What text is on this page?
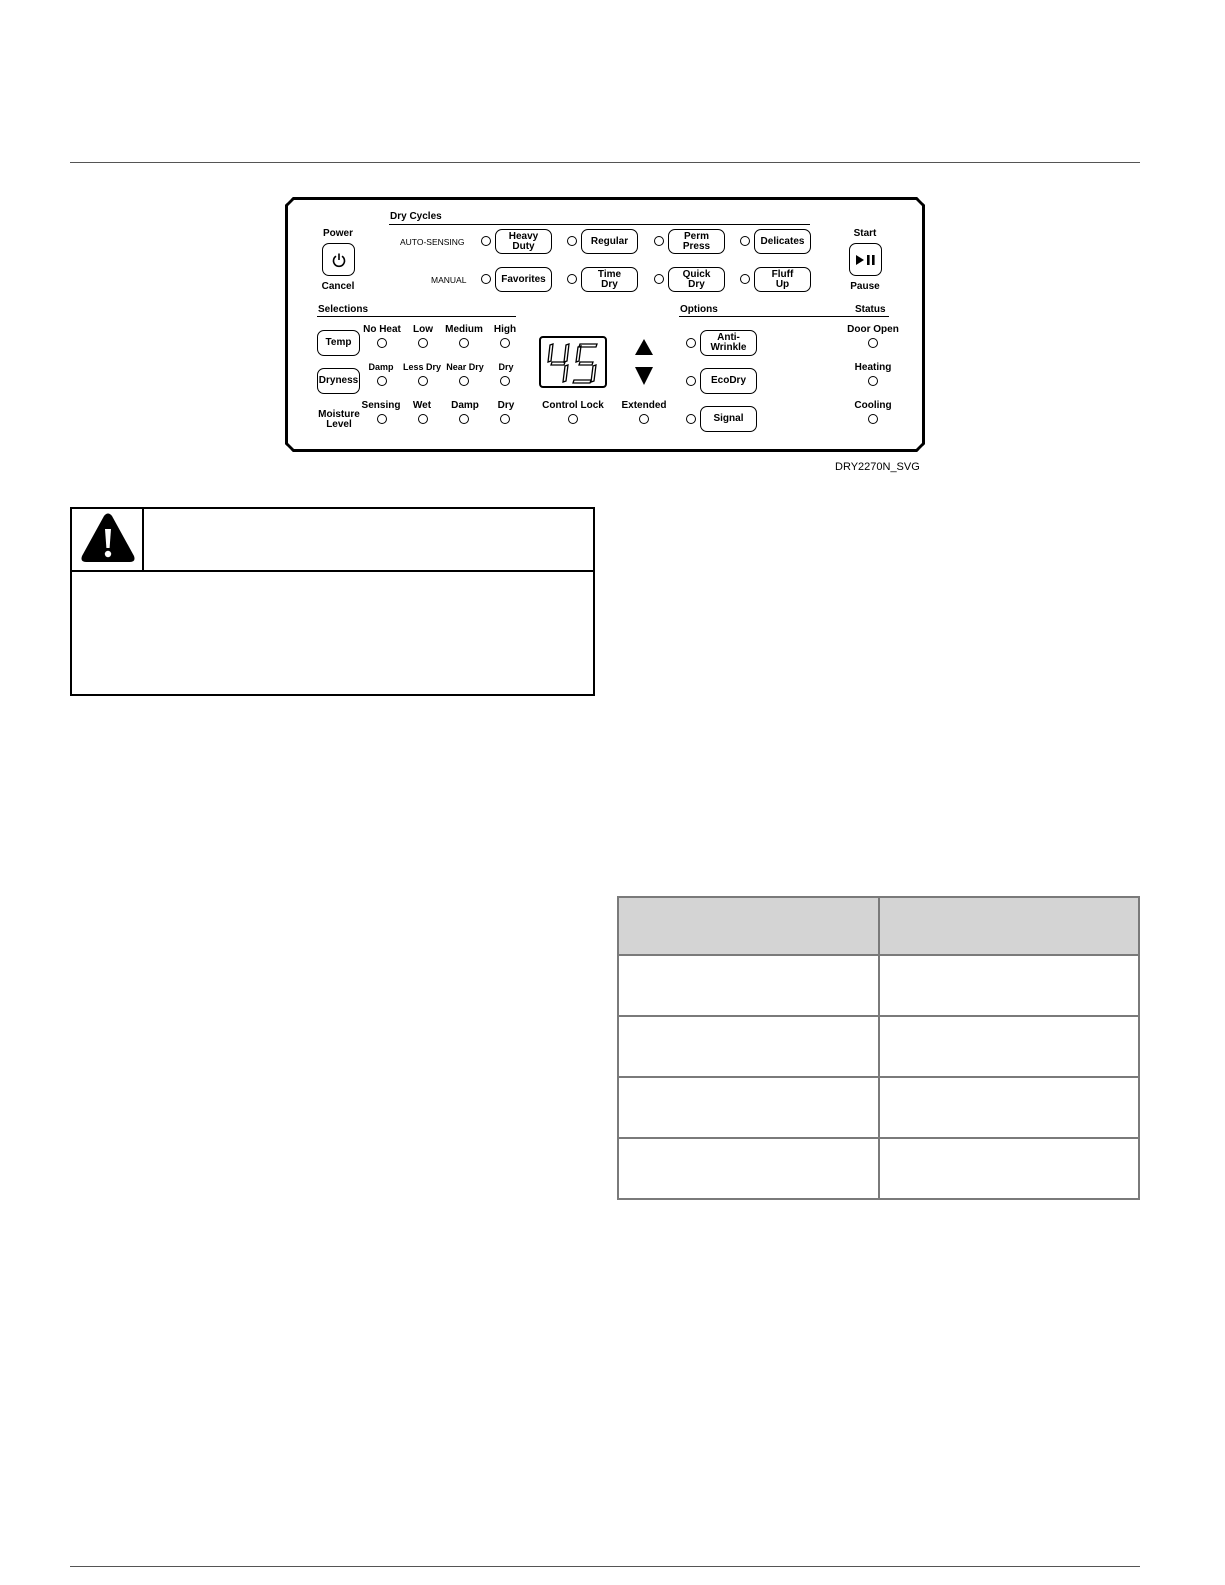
Dry Cycles
Power
Cancel
Start
Pause
AUTO-SENSING
Heavy
Duty	Regular	Perm
Press	Delicates
MANUAL	Favorites	Time
Dry
Quick
Dry
Fluff
Up
Selections
Temp
Dryness
Moisture
Level
No Heat	Low	Medium	High
Damp	Less Dry Near Dry	Dry
Sensing	Wet	Damp	Dry
45
Control Lock	Extended
Options	Status
Anti-
Wrinkle
EcoDry
Signal
Door Open
Heating
Cooling
DRY2270N_SVG
